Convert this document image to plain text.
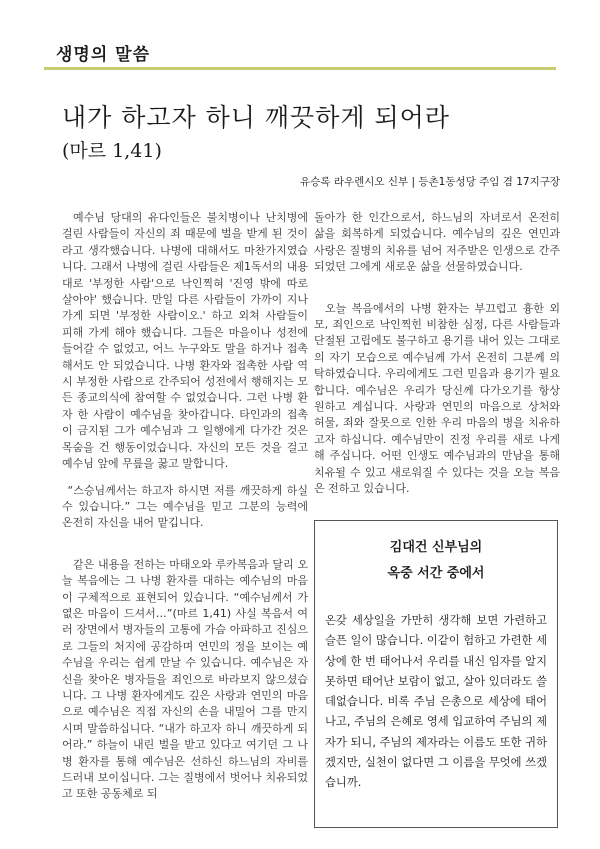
생명의 말씀
내가 하고자 하니 깨끗하게 되어라
(마르 1,41)
유승록 라우렌시오 신부 | 등촌1동성당 주임 겸 17지구장

예수님 당대의 유다인들은 불치병이나 난치병에 걸린 사람들이 자신의 죄 때문에 벌을 받게 된 것이라고 생각했습니다. 나병에 대해서도 마찬가지였습니다. 그래서 나병에 걸린 사람들은 제1독서의 내용대로 '부정한 사람'으로 낙인찍혀 '진영 밖에 따로 살아야' 했습니다. 만일 다른 사람들이 가까이 지나가게 되면 '부정한 사람이오.' 하고 외쳐 사람들이 피해 가게 해야 했습니다. 그들은 마을이나 성전에 들어갈 수 없었고, 어느 누구와도 말을 하거나 접촉해서도 안 되었습니다. 나병 환자와 접촉한 사람 역시 부정한 사람으로 간주되어 성전에서 행해지는 모든 종교의식에 참여할 수 없었습니다. 그런 나병 환자 한 사람이 예수님을 찾아갑니다. 타인과의 접촉이 금지된 그가 예수님과 그 일행에게 다가간 것은 목숨을 건 행동이었습니다. 자신의 모든 것을 걸고 예수님 앞에 무릎을 꿇고 말합니다.

“스승님께서는 하고자 하시면 저를 깨끗하게 하실 수 있습니다.” 그는 예수님을 믿고 그분의 능력에 온전히 자신을 내어 맡깁니다.

같은 내용을 전하는 마태오와 루카복음과 달리 오늘 복음에는 그 나병 환자를 대하는 예수님의 마음이 구체적으로 표현되어 있습니다. “예수님께서 가엾은 마음이 드셔서…”(마르 1,41) 사실 복음서 여러 장면에서 병자들의 고통에 가슴 아파하고 진심으로 그들의 처지에 공감하며 연민의 정을 보이는 예수님을 우리는 쉽게 만날 수 있습니다. 예수님은 자신을 찾아온 병자들을 죄인으로 바라보지 않으셨습니다. 그 나병 환자에게도 깊은 사랑과 연민의 마음으로 예수님은 직접 자신의 손을 내밀어 그를 만지시며 말씀하십니다. “내가 하고자 하니 깨끗하게 되어라.” 하늘이 내린 벌을 받고 있다고 여기던 그 나병 환자를 통해 예수님은 선하신 하느님의 자비를 드러내 보이십니다. 그는 질병에서 벗어나 치유되었고 또한 공동체로 되

돌아가 한 인간으로서, 하느님의 자녀로서 온전히 삶을 회복하게 되었습니다. 예수님의 깊은 연민과 사랑은 질병의 치유를 넘어 저주받은 인생으로 간주되었던 그에게 새로운 삶을 선물하였습니다.

오늘 복음에서의 나병 환자는 부끄럽고 흉한 외모, 죄인으로 낙인찍힌 비참한 심정, 다른 사람들과 단절된 고립에도 불구하고 용기를 내어 있는 그대로의 자기 모습으로 예수님께 가서 온전히 그분께 의탁하였습니다. 우리에게도 그런 믿음과 용기가 필요합니다. 예수님은 우리가 당신께 다가오기를 항상 원하고 계십니다. 사랑과 연민의 마음으로 상처와 허물, 죄와 잘못으로 인한 우리 마음의 병을 치유하고자 하십니다. 예수님만이 진정 우리를 새로 나게 해 주십니다. 어떤 인생도 예수님과의 만남을 통해 치유될 수 있고 새로워질 수 있다는 것을 오늘 복음은 전하고 있습니다.

김대건 신부님의
옥중 서간 중에서
온갖 세상일을 가만히 생각해 보면 가련하고 슬픈 일이 많습니다. 이같이 험하고 가련한 세상에 한 번 태어나서 우리를 내신 임자를 알지 못하면 태어난 보람이 없고, 살아 있더라도 쓸데없습니다. 비록 주님 은총으로 세상에 태어나고, 주님의 은혜로 영세 입교하여 주님의 제자가 되니, 주님의 제자라는 이름도 또한 귀하겠지만, 실천이 없다면 그 이름을 무엇에 쓰겠습니까.
